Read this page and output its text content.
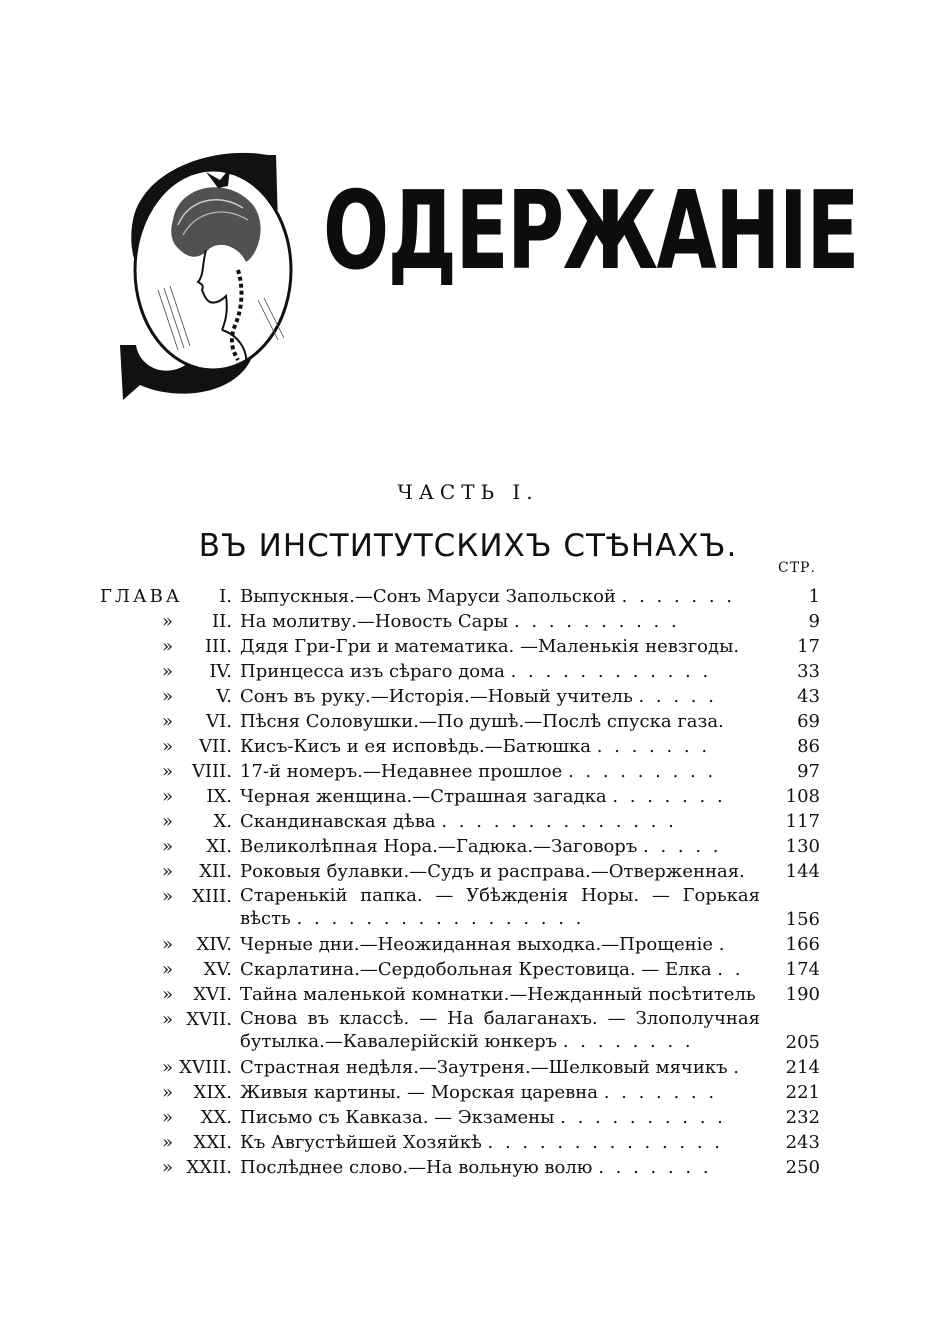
ОДЕРЖАНІЕ
ЧАСТЬ I.
ВЪ ИНСТИТУТСКИХЪ СТѢНАХЪ.
СТР.
ГЛАВА	I. Выпускныя.—Сонъ Маруси Запольской . . . . . . .	1
»	II. На молитву.—Новость Сары . . . . . . . . . .	9
»	III. Дядя Гри-Гри и математика. —Маленькія невзгоды.	17
»	IV. Принцесса изъ сѣраго дома . . . . . . . . . . . .	33
»	V. Сонъ въ руку.—Исторія.—Новый учитель . . . . .	43
»	VI. Пѣсня Соловушки.—По душѣ.—Послѣ спуска газа.	69
»	VII. Кисъ-Кисъ и ея исповѣдь.—Батюшка . . . . . . .	86
»	VIII. 17-й номеръ.—Недавнее прошлое . . . . . . . . .	97
»	IX. Черная женщина.—Страшная загадка . . . . . . .	108
»	X. Скандинавская дѣва . . . . . . . . . . . . . .	117
»	XI. Великолѣпная Нора.—Гадюка.—Заговоръ . . . . .	130
»	XII. Роковыя булавки.—Судъ и расправа.—Отверженная.	144
»	XIII. Старенькій папка. — Убѣжденія Норы. — Горькая вѣсть . . . . . . . . . . . . . . . . .	156
»	XIV. Черные дни.—Неожиданная выходка.—Прощеніе .	166
»	XV. Скарлатина.—Сердобольная Крестовица. — Елка . .	174
»	XVI. Тайна маленькой комнатки.—Нежданный посѣтитель	190
» XVII. Снова въ классѣ. — На балаганахъ. — Злополучная бутылка.—Кавалерійскій юнкеръ . . . . . . . .	205
» XVIII. Страстная недѣля.—Заутреня.—Шелковый мячикъ .	214
»	XIX. Живыя картины. — Морская царевна . . . . . . .	221
»	XX. Письмо съ Кавказа. — Экзамены . . . . . . . . . .	232
»	XXI. Къ Августѣйшей Хозяйкѣ . . . . . . . . . . . . . .	243
» XXII. Послѣднее слово.—На вольную волю . . . . . . .	250
